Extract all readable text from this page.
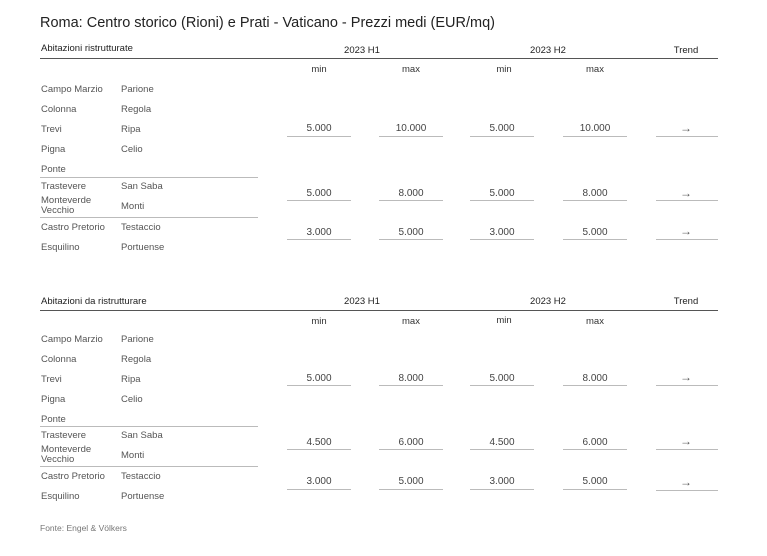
Roma: Centro storico (Rioni) e Prati - Vaticano - Prezzi medi (EUR/mq)
Abitazioni ristrutturate	2023 H1	2023 H2	Trend
min	max	min	max
Campo Marzio	Parione
Colonna	Regola
Trevi	Ripa
Pigna	Celio
Ponte
5.000	10.000	5.000	10.000	→
Trastevere	San Saba
Monteverde Vecchio	Monti
5.000	8.000	5.000	8.000	→
Castro Pretorio	Testaccio
Esquilino	Portuense
3.000	5.000	3.000	5.000	→
Abitazioni da ristrutturare	2023 H1	2023 H2	Trend
min	max	min	max
Campo Marzio	Parione
Colonna	Regola
Trevi	Ripa
Pigna	Celio
Ponte
5.000	8.000	5.000	8.000	→
Trastevere	San Saba
Monteverde Vecchio	Monti
4.500	6.000	4.500	6.000	→
Castro Pretorio	Testaccio
Esquilino	Portuense
3.000	5.000	3.000	5.000	→
Fonte: Engel & Völkers
